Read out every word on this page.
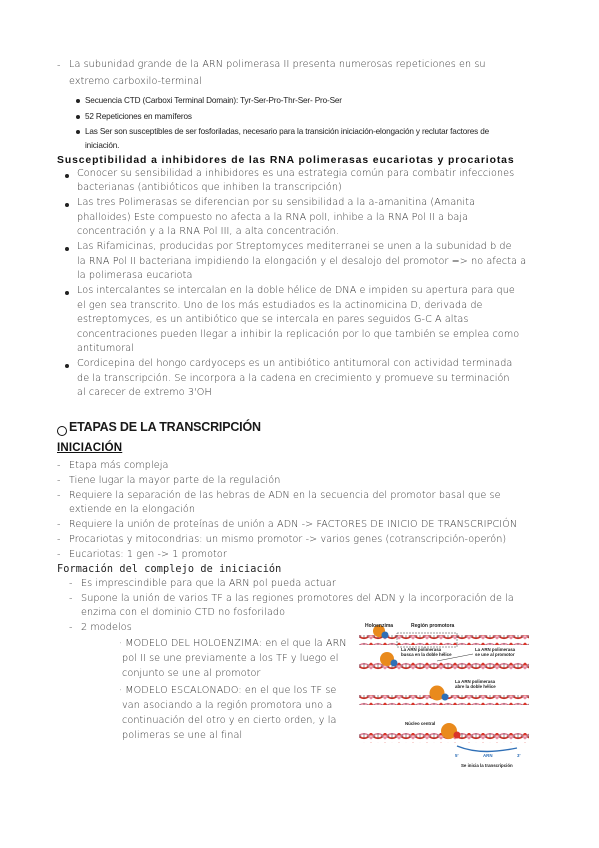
- La subunidad grande de la ARN polimerasa II presenta numerosas repeticiones en su
extremo carboxilo-terminal
Secuencia CTD (Carboxi Terminal Domain): Tyr-Ser-Pro-Thr-Ser- Pro-Ser
52 Repeticiones en mamíferos
Las Ser son susceptibles de ser fosforiladas, necesario para la transición iniciación-elongación y reclutar factores de
iniciación.
Susceptibilidad a inhibidores de las RNA polimerasas eucariotas y procariotas
Conocer su sensibilidad a inhibidores es una estrategia común para combatir infecciones
bacterianas (antibióticos que inhiben la transcripción)
Las tres Polimerasas se diferencian por su sensibilidad a la a-amanitina (Amanita
phalloides) Este compuesto no afecta a la RNA polI, inhibe a la RNA Pol II a baja
concentración y a la RNA Pol III, a alta concentración.
Las Rifamicinas, producidas por Streptomyces mediterranei se unen a la subunidad b de
la RNA Pol II bacteriana impidiendo la elongación y el desalojo del promotor => no afecta a
la polimerasa eucariota
Los intercalantes se intercalan en la doble hélice de DNA e impiden su apertura para que
el gen sea transcrito. Uno de los más estudiados es la actinomicina D, derivada de
estreptomyces, es un antibiótico que se intercala en pares seguidos G-C A altas
concentraciones pueden llegar a inhibir la replicación por lo que también se emplea como
antitumoral
Cordicepina del hongo cardyoceps es un antibiótico antitumoral con actividad terminada
de la transcripción. Se incorpora a la cadena en crecimiento y promueve su terminación
al carecer de extremo 3'OH
ETAPAS DE LA TRANSCRIPCIÓN
INICIACIÓN
- Etapa más compleja
- Tiene lugar la mayor parte de la regulación
- Requiere la separación de las hebras de ADN en la secuencia del promotor basal que se
extiende en la elongación
- Requiere la unión de proteínas de unión a ADN -> FACTORES DE INICIO DE TRANSCRIPCIÓN
- Procariotas y mitocondrias: un mismo promotor -> varios genes (cotranscripción-operón)
- Eucariotas: 1 gen -> 1 promotor
Formación del complejo de iniciación
- Es imprescindible para que la ARN pol pueda actuar
- Supone la unión de varios TF a las regiones promotores del ADN y la incorporación de la
enzima con el dominio CTD no fosforilado
- 2 modelos
· MODELO DEL HOLOENZIMA: en el que la ARN
pol II se une previamente a los TF y luego el
conjunto se une al promotor
· MODELO ESCALONADO: en el que los TF se
van asociando a la región promotora uno a
continuación del otro y en cierto orden, y la
polimeras se une al final
Holoenzima	Región promotora
La ARN polimerasa
busca en la doble hélice
La ARN polimerasa
se une al promotor
La ARN polimerasa
abre la doble hélice
Núcleo central
ARN
5'	3'
Se inicia la transcripción
